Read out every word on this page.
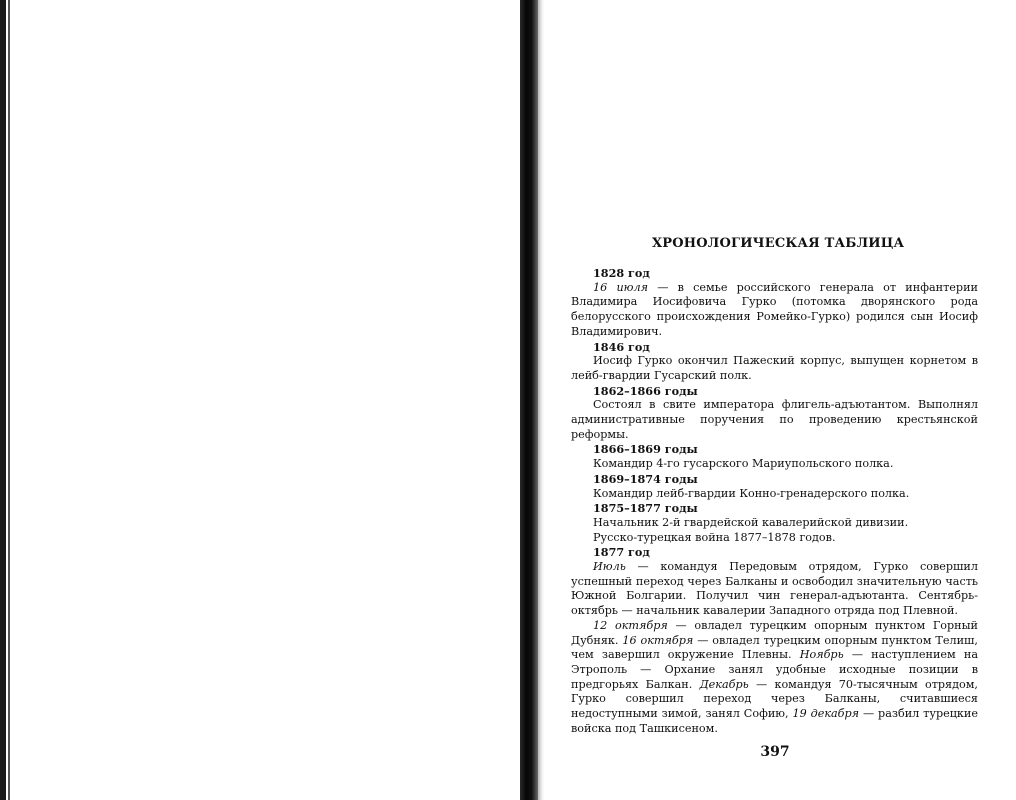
ХРОНОЛОГИЧЕСКАЯ ТАБЛИЦА
1828 год
16 июля — в семье российского генерала от инфантерии Владимира Иосифовича Гурко (потомка дворянского рода белорусского происхождения Ромейко-Гурко) родился сын Иосиф Владимирович.
1846 год
Иосиф Гурко окончил Пажеский корпус, выпущен корнетом в лейб-гвардии Гусарский полк.
1862–1866 годы
Состоял в свите императора флигель-адъютантом. Выполнял административные поручения по проведению крестьянской реформы.
1866–1869 годы
Командир 4-го гусарского Мариупольского полка.
1869–1874 годы
Командир лейб-гвардии Конно-гренадерского полка.
1875–1877 годы
Начальник 2-й гвардейской кавалерийской дивизии.
Русско-турецкая война 1877–1878 годов.
1877 год
Июль — командуя Передовым отрядом, Гурко совершил успешный переход через Балканы и освободил значительную часть Южной Болгарии. Получил чин генерал-адъютанта. Сентябрь-октябрь — начальник кавалерии Западного отряда под Плевной.
12 октября — овладел турецким опорным пунктом Горный Дубняк. 16 октября — овладел турецким опорным пунктом Телиш, чем завершил окружение Плевны. Ноябрь — наступлением на Этрополь — Орхание занял удобные исходные позиции в предгорьях Балкан. Декабрь — командуя 70-тысячным отрядом, Гурко совершил переход через Балканы, считавшиеся недоступными зимой, занял Софию, 19 декабря — разбил турецкие войска под Ташкисеном.
397
